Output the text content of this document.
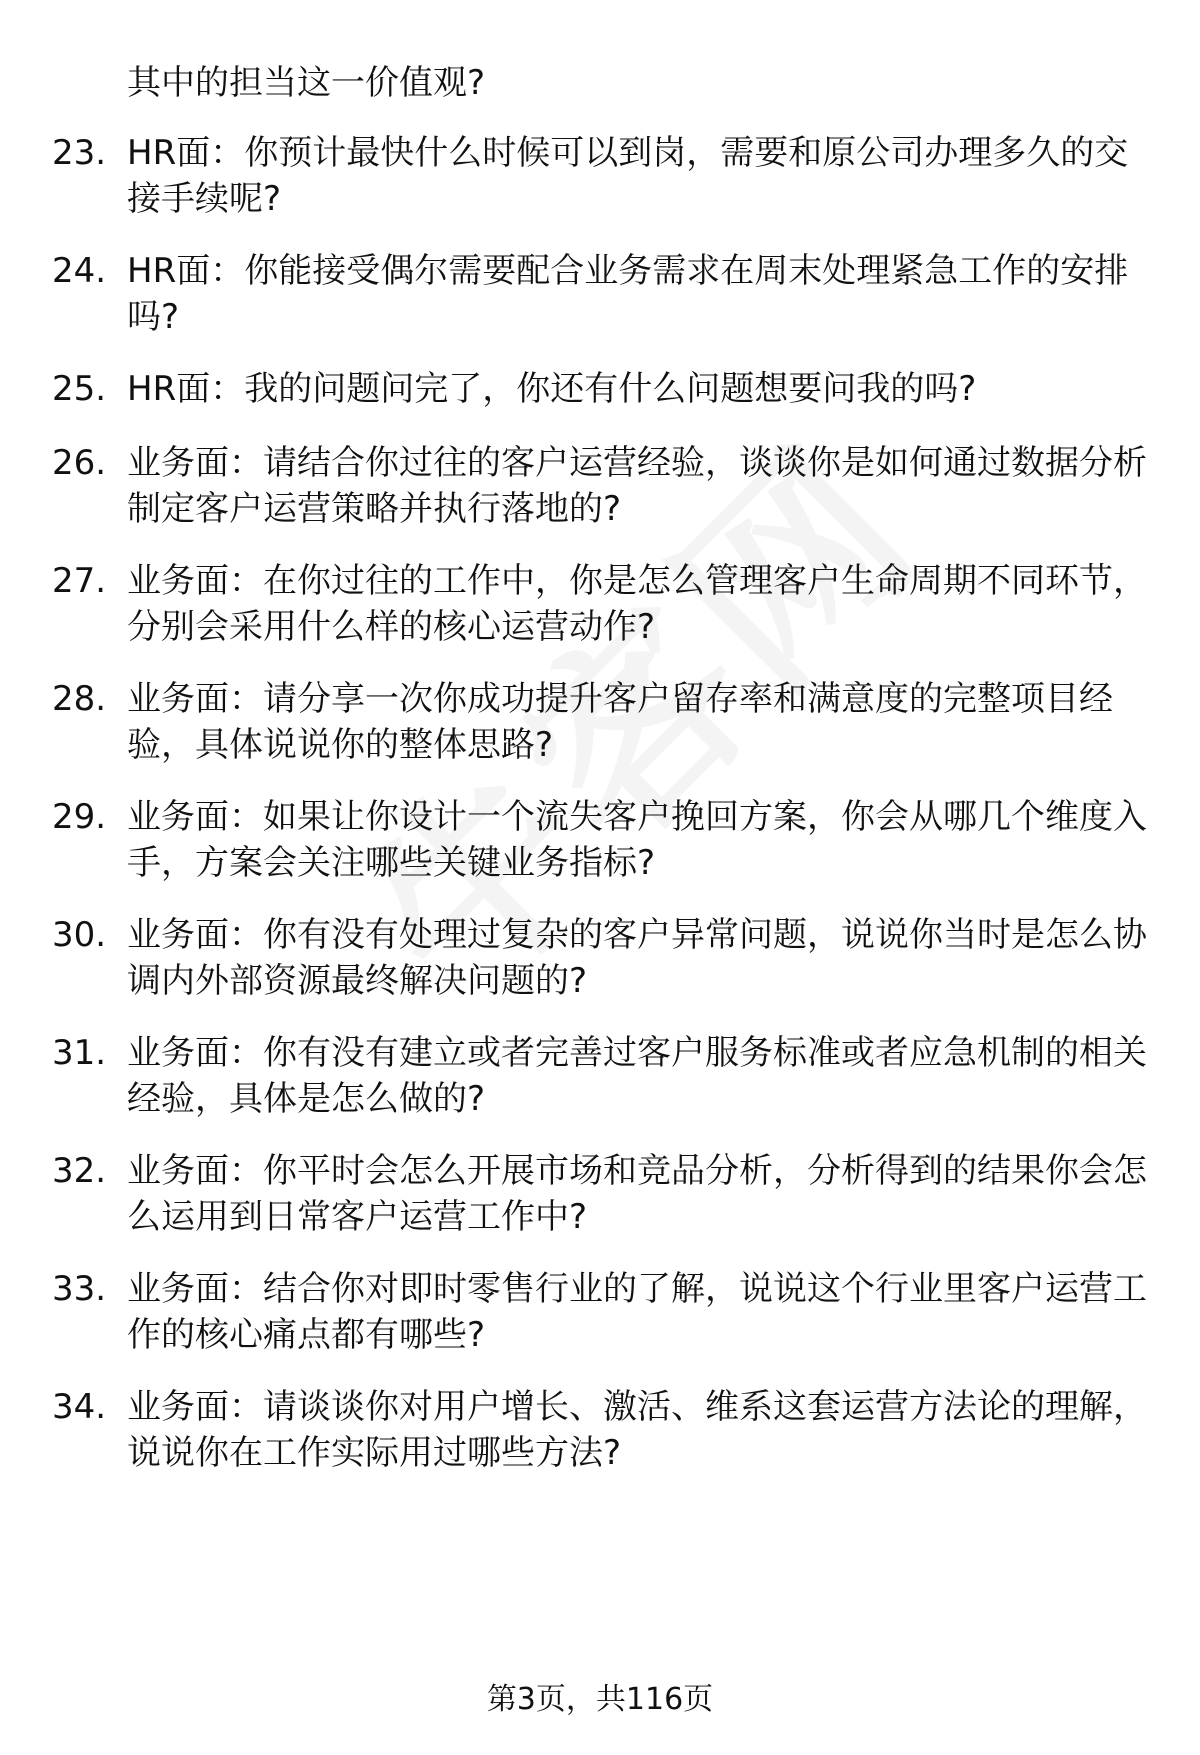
其中的担当这一价值观?
23. HR面：你预计最快什么时候可以到岗，需要和原公司办理多久的交接手续呢?
24. HR面：你能接受偶尔需要配合业务需求在周末处理紧急工作的安排吗?
25. HR面：我的问题问完了，你还有什么问题想要问我的吗?
26. 业务面：请结合你过往的客户运营经验，谈谈你是如何通过数据分析制定客户运营策略并执行落地的?
27. 业务面：在你过往的工作中，你是怎么管理客户生命周期不同环节，分别会采用什么样的核心运营动作?
28. 业务面：请分享一次你成功提升客户留存率和满意度的完整项目经验，具体说说你的整体思路?
29. 业务面：如果让你设计一个流失客户挽回方案，你会从哪几个维度入手，方案会关注哪些关键业务指标?
30. 业务面：你有没有处理过复杂的客户异常问题，说说你当时是怎么协调内外部资源最终解决问题的?
31. 业务面：你有没有建立或者完善过客户服务标准或者应急机制的相关经验，具体是怎么做的?
32. 业务面：你平时会怎么开展市场和竞品分析，分析得到的结果你会怎么运用到日常客户运营工作中?
33. 业务面：结合你对即时零售行业的了解，说说这个行业里客户运营工作的核心痛点都有哪些?
34. 业务面：请谈谈你对用户增长、激活、维系这套运营方法论的理解，说说你在工作实际用过哪些方法?
第3页，共116页
